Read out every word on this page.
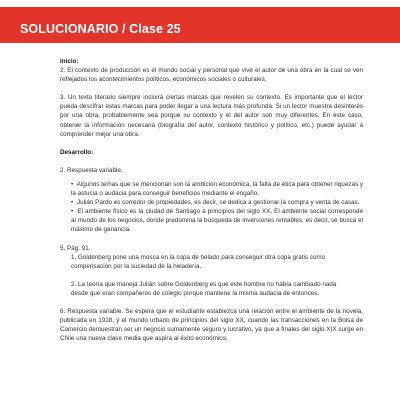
SOLUCIONARIO / Clase 25

Inicio:

2. El contexto de producción es el mundo social y personal que vive el autor de una obra en la cual se ven reflejados los acontecimientos políticos, económicos sociales o culturales.

3. Un texto literario siempre incluirá ciertas marcas que revelen su contexto. Es importante que el lector pueda descifrar estas marcas para poder llegar a una lectura más profunda. Si un lector muestra desinterés por una obra, probablemente sea porque su contexto y el del autor son muy diferentes. En este caso, obtener la información necesaria (biografía del autor, contexto histórico y político, etc.) puede ayudar a comprender mejor una obra.

Desarrollo:

2. Respuesta variable.

• Algunos temas que se mencionan son la ambición económica, la falta de ética para obtener riquezas y la astucia o audacia para conseguir beneficios mediante el engaño.

• Julián Pardo es corredor de propiedades, es decir, se dedica a gestionar la compra y venta de casas.

• El ambiente físico es la ciudad de Santiago a principios del siglo XX. El ambiente social corresponde al mundo de los negocios, donde predomina la búsqueda de inversiones rentables, es decir, se busca el máximo de ganancia.

5. Pág. 91.

1. Goldenberg pone una mosca en la copa de helado para conseguir otra copa gratis como compensación por la suciedad de la heladería.

2. La teoría que maneja Julián sobre Goldenberg es que este hombre no había cambiado nada

desde que eran compañeros de colegio porque mantiene la misma audacia de entonces.

6. Respuesta variable. Se espera que el estudiante establezca una relación entre el ambiente de la novela, publicada en 1928, y el mundo urbano de principios del siglo XX, cuando las transacciones en la Bolsa de Comercio demuestran ser un negocio sumamente seguro y lucrativo, ya que a finales del siglo XIX surge en Chile una nueva clase media que aspira al éxito económico.
